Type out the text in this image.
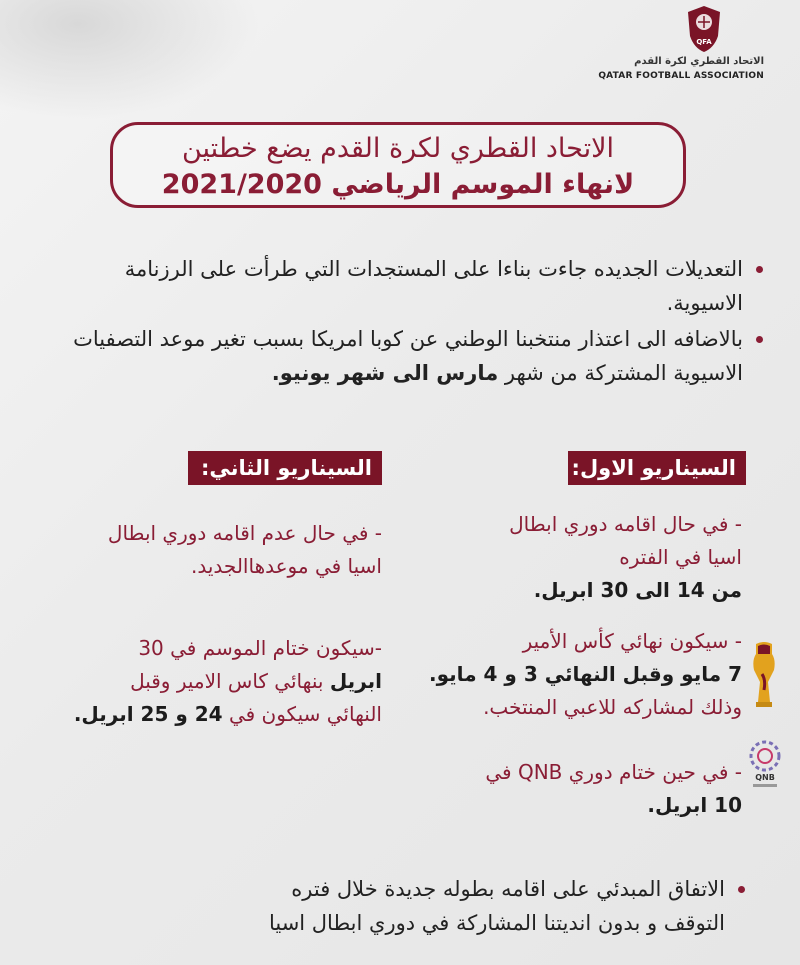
QFA
الاتحاد القطري لكرة القدم
QATAR FOOTBALL ASSOCIATION
الاتحاد القطري لكرة القدم يضع خطتين
لانهاء الموسم الرياضي 2021/2020
التعديلات الجديده جاءت بناءا على المستجدات التي طرأت على الرزنامة الاسيوية.
بالاضافه الى اعتذار منتخبنا الوطني عن كوبا امريكا بسبب تغير موعد التصفيات الاسيوية المشتركة من شهر مارس الى شهر يونيو.
السيناريو الاول:
السيناريو الثاني:
- في حال اقامه دوري ابطال
اسيا في الفتره
من 14 الى 30 ابريل.
- سيكون نهائي كأس الأمير
7 مايو وقبل النهائي 3 و 4 مايو.
وذلك لمشاركه للاعبي المنتخب.
QNB
- في حين ختام دوري QNB في
10 ابريل.
- في حال عدم اقامه دوري ابطال
اسيا في موعدهاالجديد.
-سيكون ختام الموسم في 30
ابريل بنهائي كاس الامير وقبل
النهائي سيكون في 24 و 25 ابريل.
الاتفاق المبدئي على اقامه بطوله جديدة خلال فتره
التوقف و بدون انديتنا المشاركة في دوري ابطال اسيا
